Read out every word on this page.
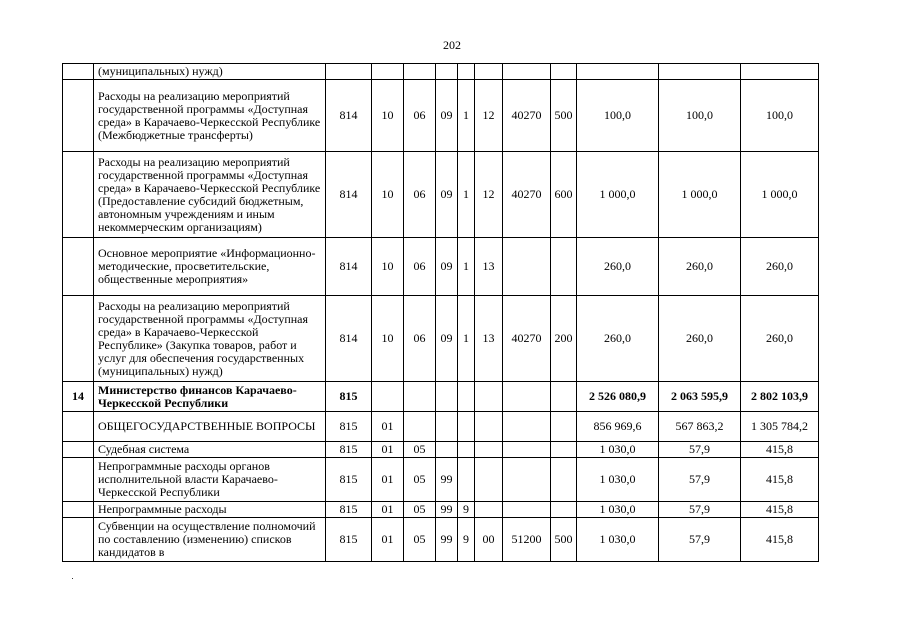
202
	(муниципальных) нужд)											
	Расходы на реализацию мероприятий государственной программы «Доступная среда» в Карачаево-Черкесской Республике (Межбюджетные трансферты)	814	10	06	09	1	12	40270	500	100,0	100,0	100,0
	Расходы на реализацию мероприятий государственной программы «Доступная среда» в Карачаево-Черкесской Республике (Предоставление субсидий бюджетным, автономным учреждениям и иным некоммерческим организациям)	814	10	06	09	1	12	40270	600	1 000,0	1 000,0	1 000,0
	Основное мероприятие «Информационно-методические, просветительские, общественные мероприятия»	814	10	06	09	1	13			260,0	260,0	260,0
	Расходы на реализацию мероприятий государственной программы «Доступная среда» в Карачаево-Черкесской Республике» (Закупка товаров, работ и услуг для обеспечения государственных (муниципальных) нужд)	814	10	06	09	1	13	40270	200	260,0	260,0	260,0
14	Министерство финансов Карачаево-Черкесской Республики	815								2 526 080,9	2 063 595,9	2 802 103,9
	ОБЩЕГОСУДАРСТВЕННЫЕ ВОПРОСЫ	815	01							856 969,6	567 863,2	1 305 784,2
	Судебная система	815	01	05						1 030,0	57,9	415,8
	Непрограммные расходы органов исполнительной власти Карачаево-Черкесской Республики	815	01	05	99					1 030,0	57,9	415,8
	Непрограммные расходы	815	01	05	99	9				1 030,0	57,9	415,8
	Субвенции на осуществление полномочий по составлению (изменению) списков кандидатов в	815	01	05	99	9	00	51200	500	1 030,0	57,9	415,8
